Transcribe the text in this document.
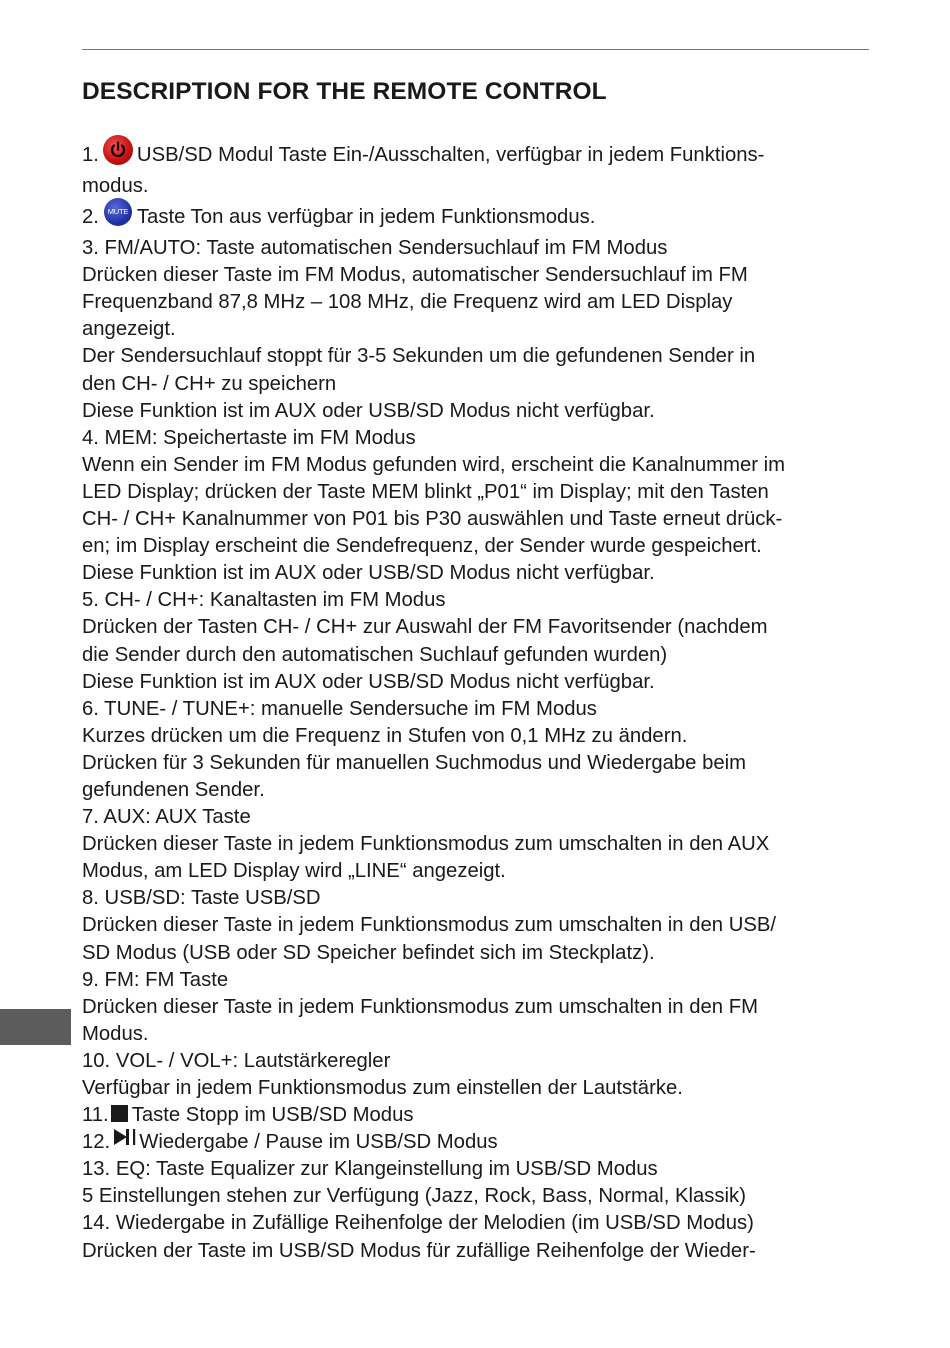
DESCRIPTION FOR THE REMOTE CONTROL
1. USB/SD Modul Taste Ein-/Ausschalten, verfügbar in jedem Funktions-
modus.
2. MUTE Taste Ton aus verfügbar in jedem Funktionsmodus.
3. FM/AUTO: Taste automatischen Sendersuchlauf im FM Modus
Drücken dieser Taste im FM Modus, automatischer Sendersuchlauf im FM
Frequenzband 87,8 MHz – 108 MHz, die Frequenz wird am LED Display
angezeigt.
Der Sendersuchlauf stoppt für 3-5 Sekunden um die gefundenen Sender in
den CH- / CH+ zu speichern
Diese Funktion ist im AUX oder USB/SD Modus nicht verfügbar.
4. MEM: Speichertaste im FM Modus
Wenn ein Sender im FM Modus gefunden wird, erscheint die Kanalnummer im
LED Display; drücken der Taste MEM blinkt „P01“ im Display; mit den Tasten
CH- / CH+ Kanalnummer von P01 bis P30 auswählen und Taste erneut drück-
en; im Display erscheint die Sendefrequenz, der Sender wurde gespeichert.
Diese Funktion ist im AUX oder USB/SD Modus nicht verfügbar.
5. CH- / CH+: Kanaltasten im FM Modus
Drücken der Tasten CH- / CH+ zur Auswahl der FM Favoritsender (nachdem
die Sender durch den automatischen Suchlauf gefunden wurden)
Diese Funktion ist im AUX oder USB/SD Modus nicht verfügbar.
6. TUNE- / TUNE+: manuelle Sendersuche im FM Modus
Kurzes drücken um die Frequenz in Stufen von 0,1 MHz zu ändern.
Drücken für 3 Sekunden für manuellen Suchmodus und Wiedergabe beim
gefundenen Sender.
7. AUX: AUX Taste
Drücken dieser Taste in jedem Funktionsmodus zum umschalten in den AUX
Modus, am LED Display wird „LINE“ angezeigt.
8. USB/SD: Taste USB/SD
Drücken dieser Taste in jedem Funktionsmodus zum umschalten in den USB/
SD Modus (USB oder SD Speicher befindet sich im Steckplatz).
9. FM: FM Taste
Drücken dieser Taste in jedem Funktionsmodus zum umschalten in den FM
Modus.
10. VOL- / VOL+: Lautstärkeregler
Verfügbar in jedem Funktionsmodus zum einstellen der Lautstärke.
11. Taste Stopp im USB/SD Modus
12. Wiedergabe / Pause im USB/SD Modus
13. EQ: Taste Equalizer zur Klangeinstellung im USB/SD Modus
5 Einstellungen stehen zur Verfügung (Jazz, Rock, Bass, Normal, Klassik)
14. Wiedergabe in Zufällige Reihenfolge der Melodien (im USB/SD Modus)
Drücken der Taste im USB/SD Modus für zufällige Reihenfolge der Wieder-
